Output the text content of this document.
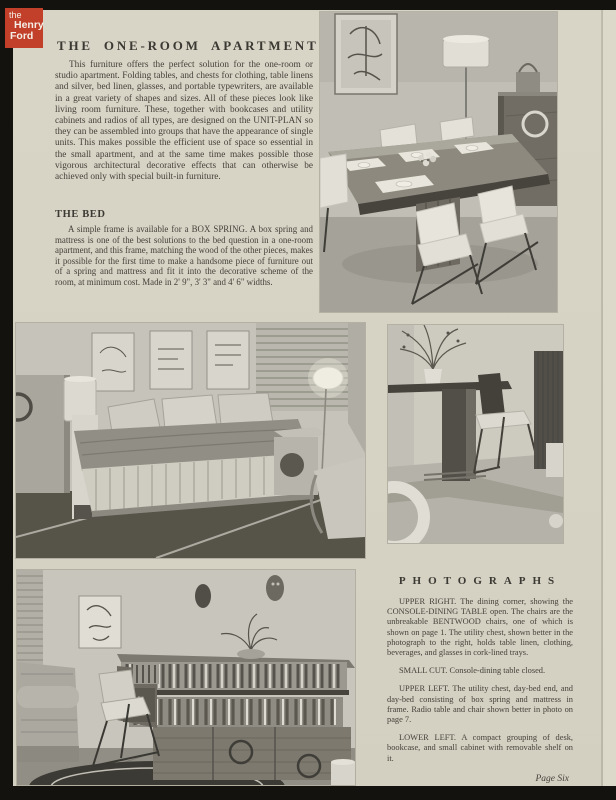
the
Henry
Ford
THE ONE-ROOM APARTMENT

This furniture offers the perfect solution for the one-room or studio apartment. Folding tables, and chests for clothing, table linens and silver, bed linen, glasses, and portable typewriters, are available in a great variety of shapes and sizes. All of these pieces look like living room furniture. These, together with bookcases and utility cabinets and radios of all types, are designed on the UNIT-PLAN so they can be assembled into groups that have the appearance of single units. This makes possible the efficient use of space so essential in the small apartment, and at the same time makes possible those vigorous architectural decorative effects that can otherwise be achieved only with special built-in furniture.

THE BED

A simple frame is available for a BOX SPRING. A box spring and mattress is one of the best solutions to the bed question in a one-room apartment, and this frame, matching the wood of the other pieces, makes it possible for the first time to make a handsome piece of furniture out of a spring and mattress and fit it into the decorative scheme of the room, at minimum cost. Made in 2' 9", 3' 3" and 4' 6" widths.

PHOTOGRAPHS

UPPER RIGHT. The dining corner, showing the CONSOLE-DINING TABLE open. The chairs are the unbreakable BENTWOOD chairs, one of which is shown on page 1. The utility chest, shown better in the photograph to the right, holds table linen, clothing, beverages, and glasses in cork-lined trays.

SMALL CUT. Console-dining table closed.

UPPER LEFT. The utility chest, day-bed end, and day-bed consisting of box spring and mattress in frame. Radio table and chair shown better in photo on page 7.

LOWER LEFT. A compact grouping of desk, bookcase, and small cabinet with removable shelf on it.

Page Six
